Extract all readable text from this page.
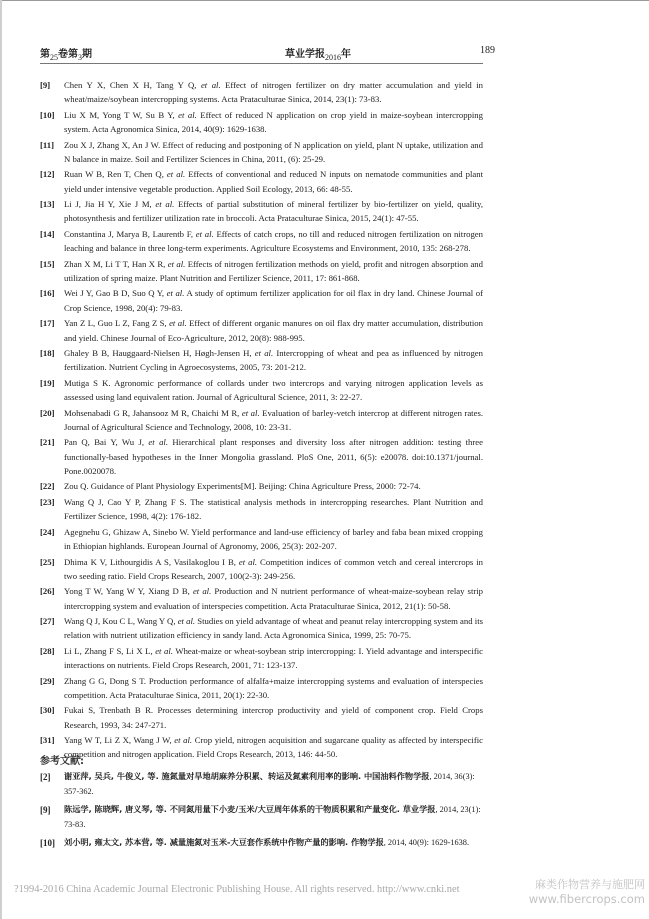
第$_{25}$卷第$_3$期	草业学报$_{2016}$年	189
[9] Chen Y X, Chen X H, Tang Y Q, et al. Effect of nitrogen fertilizer on dry matter accumulation and yield in wheat/maize/soybean intercropping systems. Acta Prataculturae Sinica, 2014, 23(1): 73-83.
[10] Liu X M, Yong T W, Su B Y, et al. Effect of reduced N application on crop yield in maize-soybean intercropping system. Acta Agronomica Sinica, 2014, 40(9): 1629-1638.
[11] Zou X J, Zhang X, An J W. Effect of reducing and postponing of N application on yield, plant N uptake, utilization and N balance in maize. Soil and Fertilizer Sciences in China, 2011, (6): 25-29.
[12] Ruan W B, Ren T, Chen Q, et al. Effects of conventional and reduced N inputs on nematode communities and plant yield under intensive vegetable production. Applied Soil Ecology, 2013, 66: 48-55.
[13] Li J, Jia H Y, Xie J M, et al. Effects of partial substitution of mineral fertilizer by bio-fertilizer on yield, quality, photosynthesis and fertilizer utilization rate in broccoli. Acta Prataculturae Sinica, 2015, 24(1): 47-55.
[14] Constantina J, Marya B, Laurentb F, et al. Effects of catch crops, no till and reduced nitrogen fertilization on nitrogen leaching and balance in three long-term experiments. Agriculture Ecosystems and Environment, 2010, 135: 268-278.
[15] Zhan X M, Li T T, Han X R, et al. Effects of nitrogen fertilization methods on yield, profit and nitrogen absorption and utilization of spring maize. Plant Nutrition and Fertilizer Science, 2011, 17: 861-868.
[16] Wei J Y, Gao B D, Suo Q Y, et al. A study of optimum fertilizer application for oil flax in dry land. Chinese Journal of Crop Science, 1998, 20(4): 79-83.
[17] Yan Z L, Guo L Z, Fang Z S, et al. Effect of different organic manures on oil flax dry matter accumulation, distribution and yield. Chinese Journal of Eco-Agriculture, 2012, 20(8): 988-995.
[18] Ghaley B B, Hauggaard-Nielsen H, Høgh-Jensen H, et al. Intercropping of wheat and pea as influenced by nitrogen fertilization. Nutrient Cycling in Agroecosystems, 2005, 73: 201-212.
[19] Mutiga S K. Agronomic performance of collards under two intercrops and varying nitrogen application levels as assessed using land equivalent ration. Journal of Agricultural Science, 2011, 3: 22-27.
[20] Mohsenabadi G R, Jahansooz M R, Chaichi M R, et al. Evaluation of barley-vetch intercrop at different nitrogen rates. Journal of Agricultural Science and Technology, 2008, 10: 23-31.
[21] Pan Q, Bai Y, Wu J, et al. Hierarchical plant responses and diversity loss after nitrogen addition: testing three functionally-based hypotheses in the Inner Mongolia grassland. PloS One, 2011, 6(5): e20078. doi:10.1371/journal. Pone.0020078.
[22] Zou Q. Guidance of Plant Physiology Experiments[M]. Beijing: China Agriculture Press, 2000: 72-74.
[23] Wang Q J, Cao Y P, Zhang F S. The statistical analysis methods in intercropping researches. Plant Nutrition and Fertilizer Science, 1998, 4(2): 176-182.
[24] Agegnehu G, Ghizaw A, Sinebo W. Yield performance and land-use efficiency of barley and faba bean mixed cropping in Ethiopian highlands. European Journal of Agronomy, 2006, 25(3): 202-207.
[25] Dhima K V, Lithourgidis A S, Vasilakoglou I B, et al. Competition indices of common vetch and cereal intercrops in two seeding ratio. Field Crops Research, 2007, 100(2-3): 249-256.
[26] Yong T W, Yang W Y, Xiang D B, et al. Production and N nutrient performance of wheat-maize-soybean relay strip intercropping system and evaluation of interspecies competition. Acta Prataculturae Sinica, 2012, 21(1): 50-58.
[27] Wang Q J, Kou C L, Wang Y Q, et al. Studies on yield advantage of wheat and peanut relay intercropping system and its relation with nutrient utilization efficiency in sandy land. Acta Agronomica Sinica, 1999, 25: 70-75.
[28] Li L, Zhang F S, Li X L, et al. Wheat-maize or wheat-soybean strip intercropping: I. Yield advantage and interspecific interactions on nutrients. Field Crops Research, 2001, 71: 123-137.
[29] Zhang G G, Dong S T. Production performance of alfalfa+maize intercropping systems and evaluation of interspecies competition. Acta Prataculturae Sinica, 2011, 20(1): 22-30.
[30] Fukai S, Trenbath B R. Processes determining intercrop productivity and yield of component crop. Field Crops Research, 1993, 34: 247-271.
[31] Yang W T, Li Z X, Wang J W, et al. Crop yield, nitrogen acquisition and sugarcane quality as affected by interspecific competition and nitrogen application. Field Crops Research, 2013, 146: 44-50.
参考文献:
[2] 谢亚萍, 吴兵, 牛俊义, 等. 施氮量对旱地胡麻养分积累、转运及氮素利用率的影响. 中国油料作物学报, 2014, 36(3): 357-362.
[9] 陈远学, 陈晓辉, 唐义琴, 等. 不同氮用量下小麦/玉米/大豆周年体系的干物质积累和产量变化. 草业学报, 2014, 23(1): 73-83.
[10] 刘小明, 雍太文, 苏本营, 等. 减量施氮对玉米-大豆套作系统中作物产量的影响. 作物学报, 2014, 40(9): 1629-1638.
?1994-2016 China Academic Journal Electronic Publishing House. All rights reserved. http://www.cnki.net	麻类作物营养与施肥网
www.fibercrops.com
